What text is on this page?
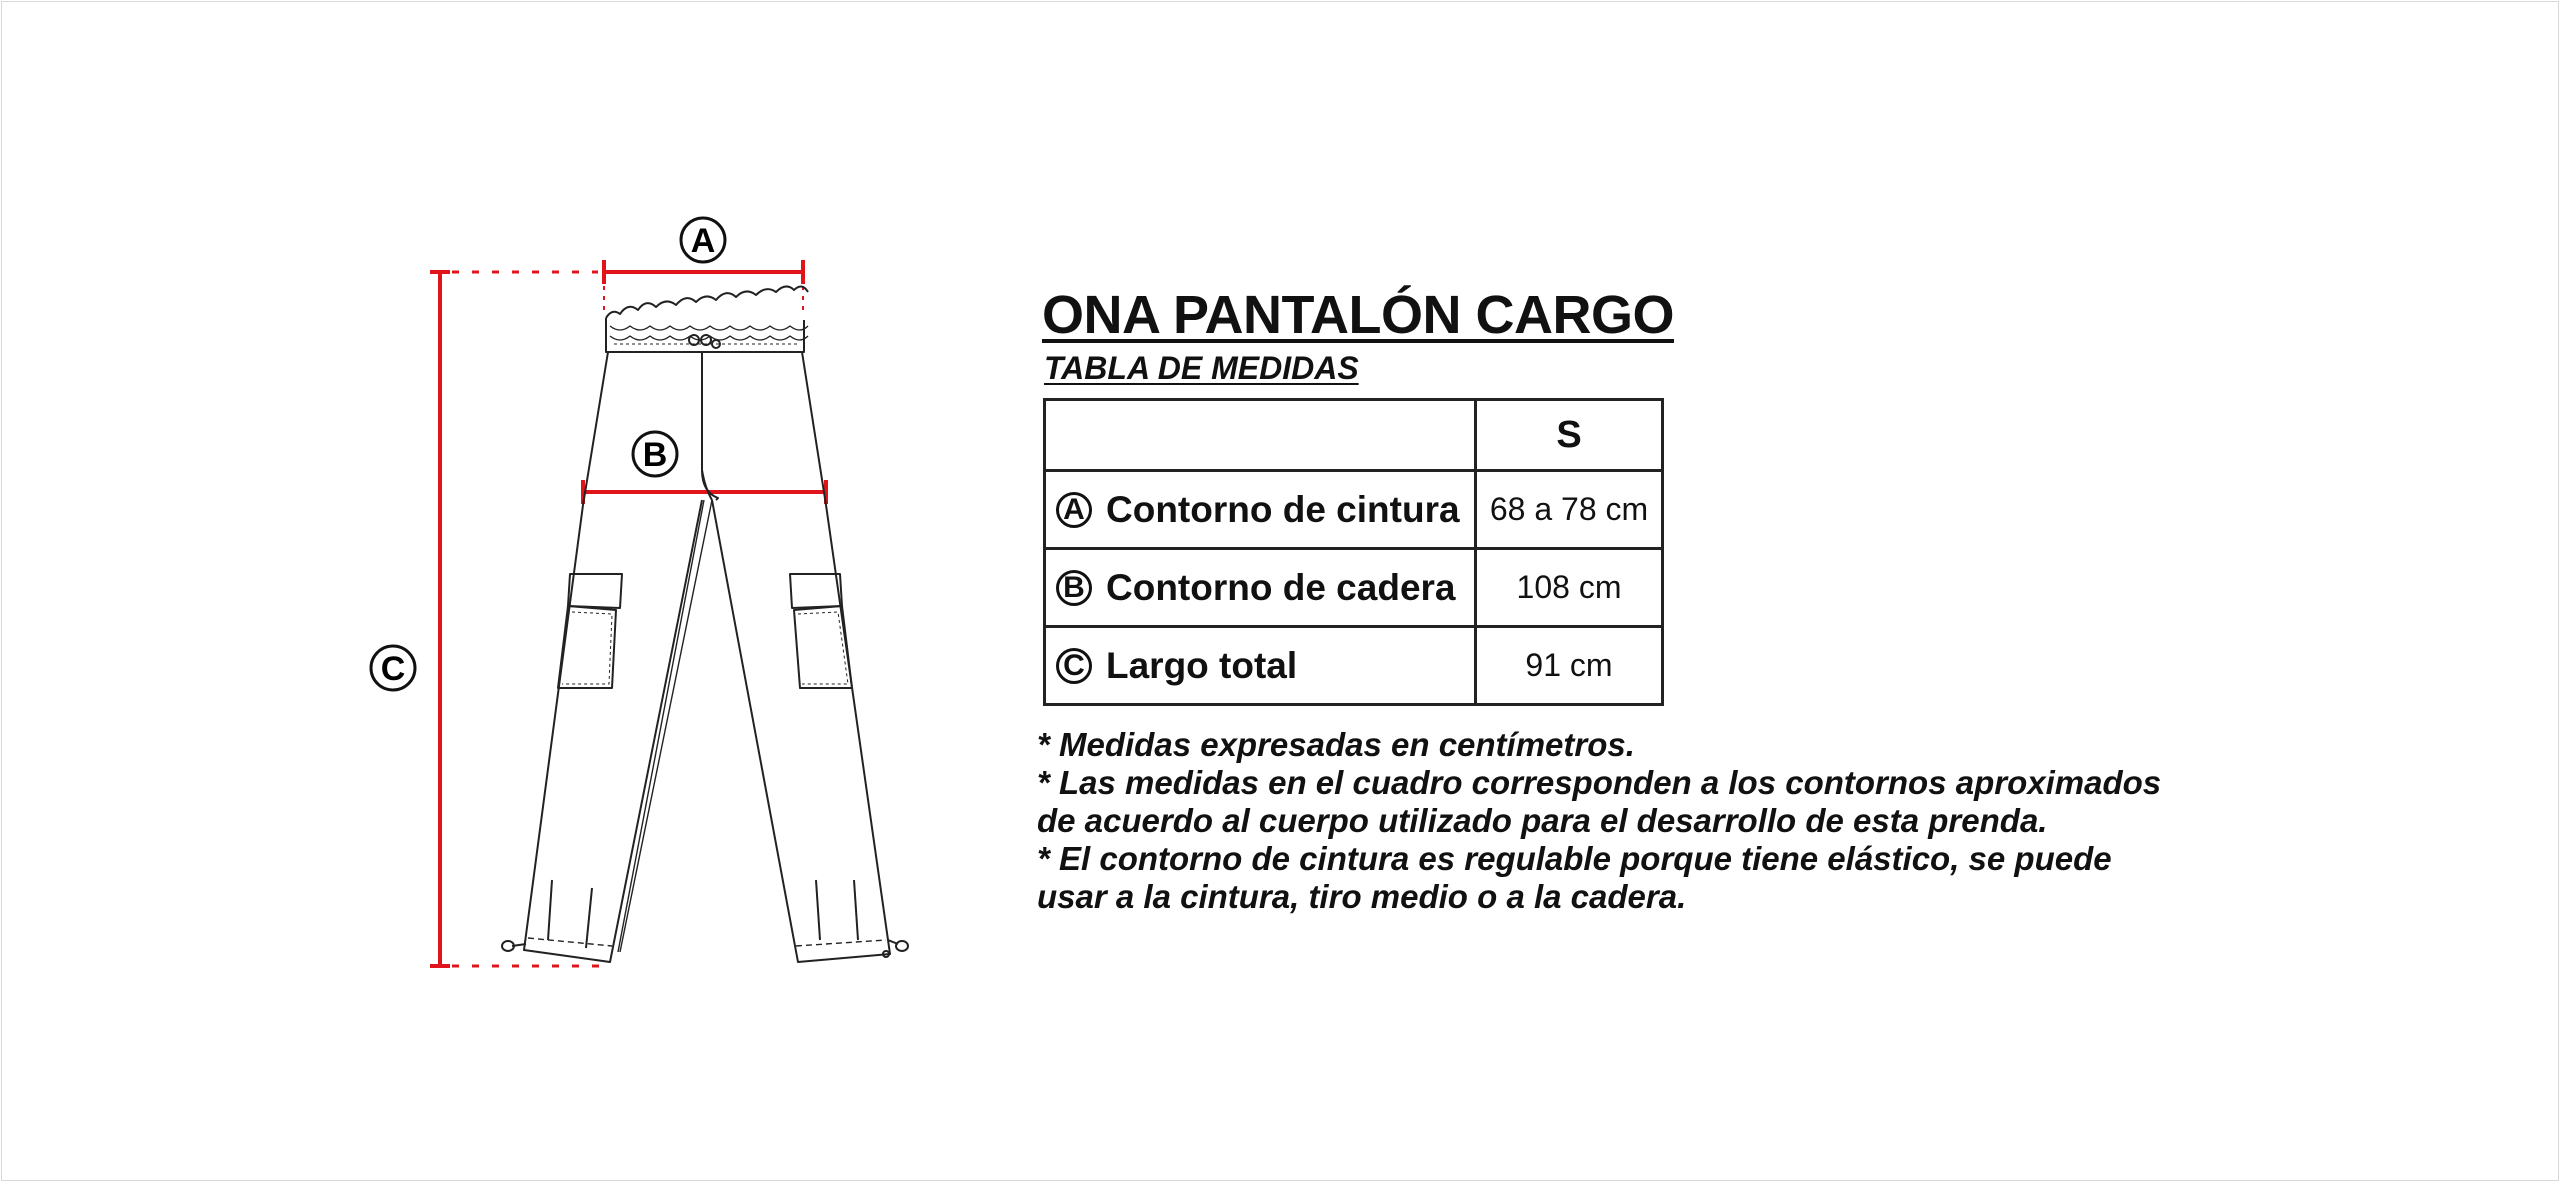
A
B
C
ONA PANTALÓN CARGO
TABLA DE MEDIDAS
	S

A Contorno de cintura	68 a 78 cm

B Contorno de cadera	108 cm

C Largo total	91 cm
* Medidas expresadas en centímetros.
* Las medidas en el cuadro corresponden a los contornos aproximados
de acuerdo al cuerpo utilizado para el desarrollo de esta prenda.
* El contorno de cintura es regulable porque tiene elástico, se puede
usar a la cintura, tiro medio o a la cadera.
